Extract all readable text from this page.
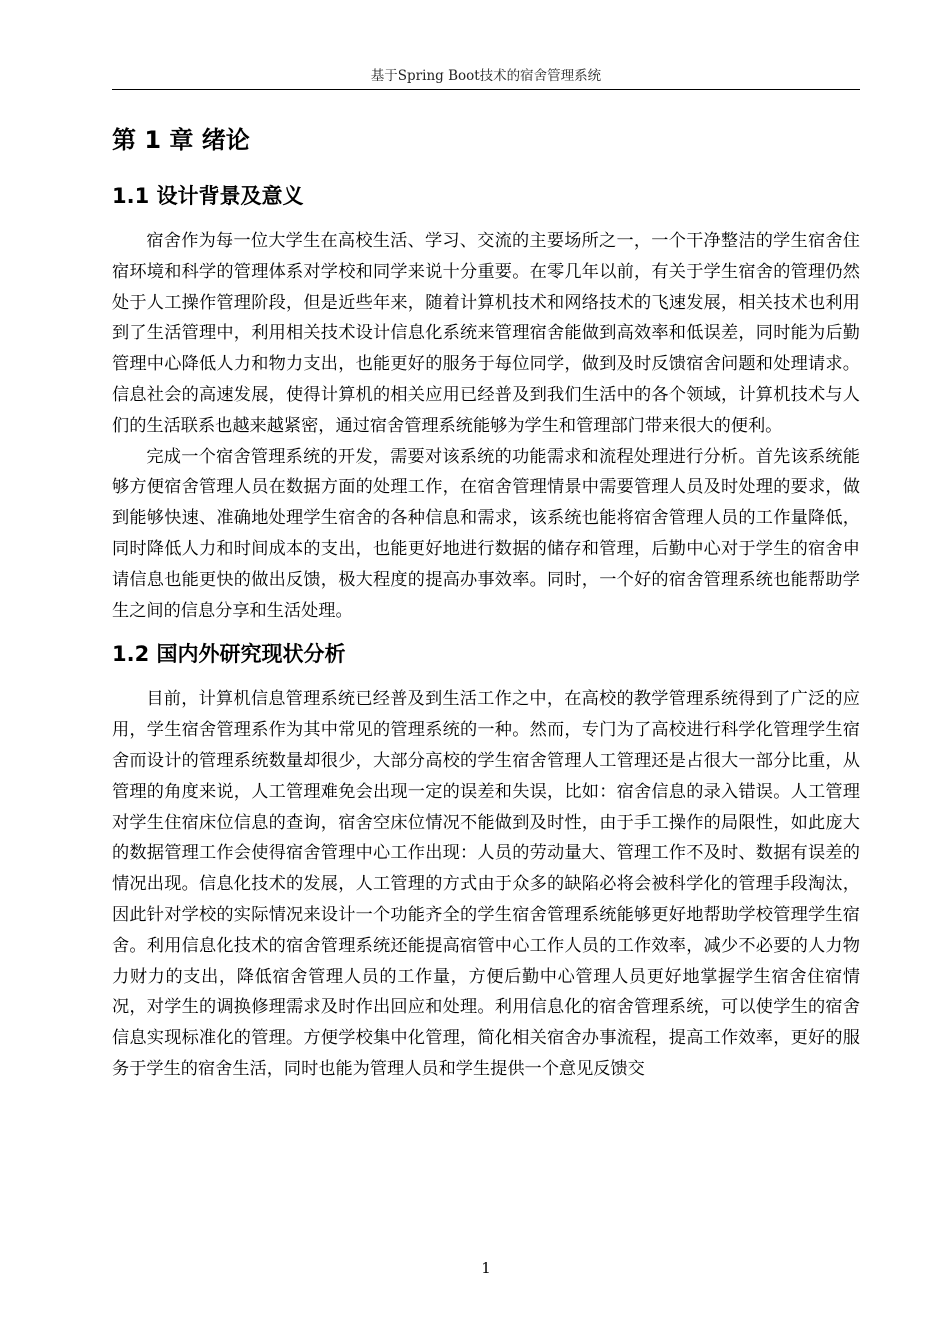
基于Spring Boot技术的宿舍管理系统
第 1 章 绪论
1.1 设计背景及意义

宿舍作为每一位大学生在高校生活、学习、交流的主要场所之一，一个干净整洁的学生宿舍住宿环境和科学的管理体系对学校和同学来说十分重要。在零几年以前，有关于学生宿舍的管理仍然处于人工操作管理阶段，但是近些年来，随着计算机技术和网络技术的飞速发展，相关技术也利用到了生活管理中，利用相关技术设计信息化系统来管理宿舍能做到高效率和低误差，同时能为后勤管理中心降低人力和物力支出，也能更好的服务于每位同学，做到及时反馈宿舍问题和处理请求。信息社会的高速发展，使得计算机的相关应用已经普及到我们生活中的各个领域，计算机技术与人们的生活联系也越来越紧密，通过宿舍管理系统能够为学生和管理部门带来很大的便利。

完成一个宿舍管理系统的开发，需要对该系统的功能需求和流程处理进行分析。首先该系统能够方便宿舍管理人员在数据方面的处理工作，在宿舍管理情景中需要管理人员及时处理的要求，做到能够快速、准确地处理学生宿舍的各种信息和需求，该系统也能将宿舍管理人员的工作量降低，同时降低人力和时间成本的支出，也能更好地进行数据的储存和管理，后勤中心对于学生的宿舍申请信息也能更快的做出反馈，极大程度的提高办事效率。同时，一个好的宿舍管理系统也能帮助学生之间的信息分享和生活处理。

1.2 国内外研究现状分析

目前，计算机信息管理系统已经普及到生活工作之中，在高校的教学管理系统得到了广泛的应用，学生宿舍管理系作为其中常见的管理系统的一种。然而，专门为了高校进行科学化管理学生宿舍而设计的管理系统数量却很少，大部分高校的学生宿舍管理人工管理还是占很大一部分比重，从管理的角度来说，人工管理难免会出现一定的误差和失误，比如：宿舍信息的录入错误。人工管理对学生住宿床位信息的查询，宿舍空床位情况不能做到及时性，由于手工操作的局限性，如此庞大的数据管理工作会使得宿舍管理中心工作出现：人员的劳动量大、管理工作不及时、数据有误差的情况出现。信息化技术的发展，人工管理的方式由于众多的缺陷必将会被科学化的管理手段淘汰，因此针对学校的实际情况来设计一个功能齐全的学生宿舍管理系统能够更好地帮助学校管理学生宿舍。利用信息化技术的宿舍管理系统还能提高宿管中心工作人员的工作效率，减少不必要的人力物力财力的支出，降低宿舍管理人员的工作量，方便后勤中心管理人员更好地掌握学生宿舍住宿情况，对学生的调换修理需求及时作出回应和处理。利用信息化的宿舍管理系统，可以使学生的宿舍信息实现标准化的管理。方便学校集中化管理，简化相关宿舍办事流程，提高工作效率，更好的服务于学生的宿舍生活，同时也能为管理人员和学生提供一个意见反馈交

1
